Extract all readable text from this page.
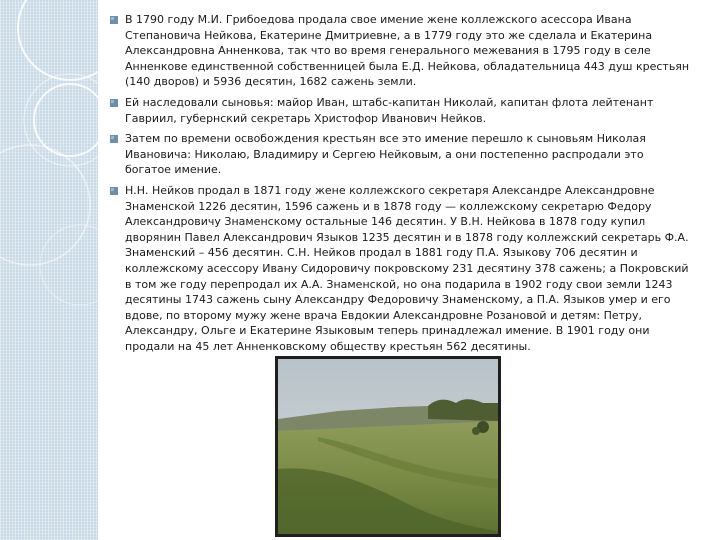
В 1790 году М.И. Грибоедова продала свое имение жене коллежского асессора Ивана Степановича Нейкова, Екатерине Дмитриевне, а в 1779 году это же сделала и Екатерина Александровна Анненкова, так что во время генерального межевания в 1795 году в селе Анненкове единственной собственницей была Е.Д. Нейкова, обладательница 443 душ крестьян (140 дворов) и 5936 десятин, 1682 сажень земли.
Ей наследовали сыновья: майор Иван, штабс-капитан Николай, капитан флота лейтенант Гавриил, губернский секретарь Христофор Иванович Нейков.
Затем по времени освобождения крестьян все это имение перешло к сыновьям Николая Ивановича: Николаю, Владимиру и Сергею Нейковым, а они постепенно распродали это богатое имение.
Н.Н. Нейков продал в 1871 году жене коллежского секретаря Александре Александровне Знаменской 1226 десятин, 1596 сажень и в 1878 году — коллежскому секретарю Федору Александровичу Знаменскому остальные 146 десятин. У В.Н. Нейкова в 1878 году купил дворянин Павел Александрович Языков 1235 десятин и в 1878 году коллежский секретарь Ф.А. Знаменский – 456 десятин. С.Н. Нейков продал в 1881 году П.А. Языкову 706 десятин и коллежскому асессору Ивану Сидоровичу покровскому 231 десятину 378 сажень; а Покровский в том же году перепродал их А.А. Знаменской, но она подарила в 1902 году свои земли 1243 десятины 1743 сажень сыну Александру Федоровичу Знаменскому, а П.А. Языков умер и его вдове, по второму мужу жене врача Евдокии Александровне Розановой и детям: Петру, Александру, Ольге и Екатерине Языковым теперь принадлежал имение. В 1901 году они продали на 45 лет Анненковскому обществу крестьян 562 десятины.
